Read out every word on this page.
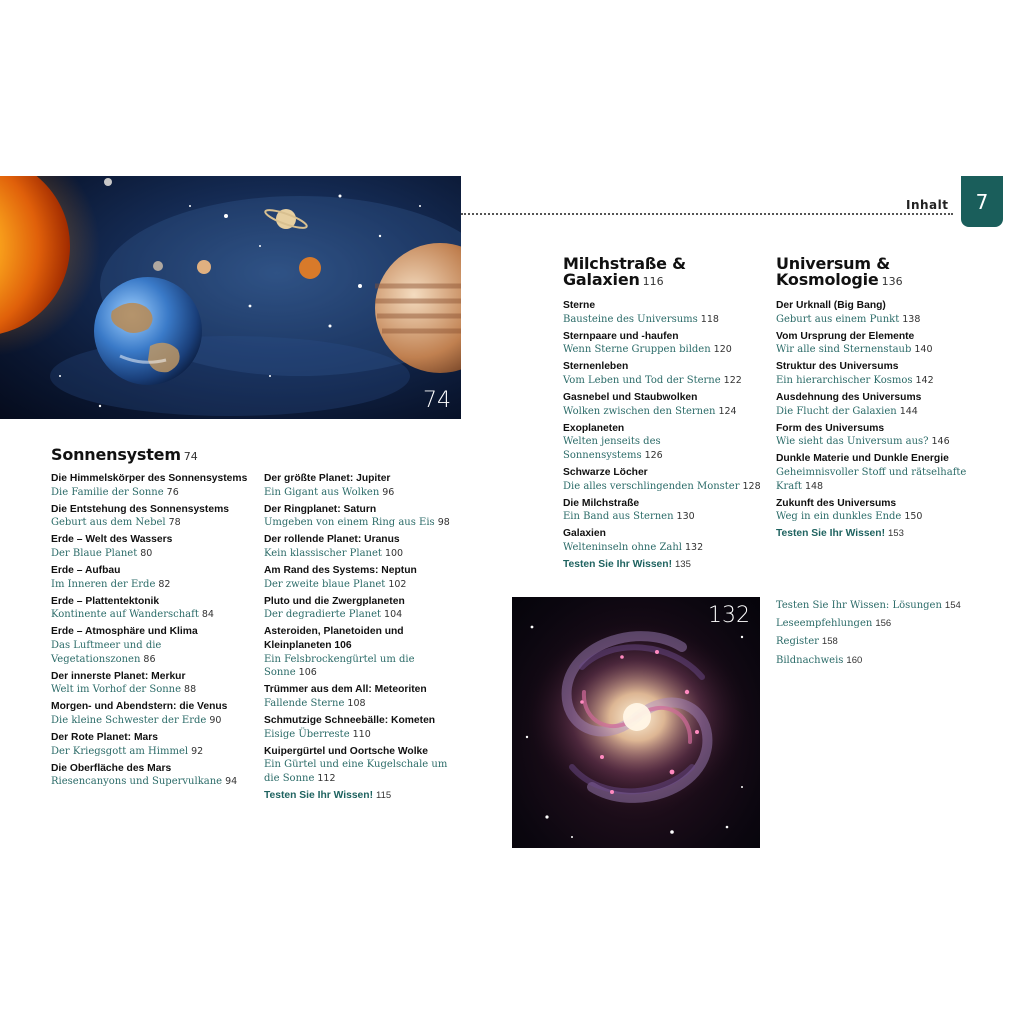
74
Inhalt 7
Sonnensystem 74
Die Himmelskörper des Sonnensystems
Die Familie der Sonne 76
Die Entstehung des Sonnensystems
Geburt aus dem Nebel 78
Erde – Welt des Wassers
Der Blaue Planet 80
Erde – Aufbau
Im Inneren der Erde 82
Erde – Plattentektonik
Kontinente auf Wanderschaft 84
Erde – Atmosphäre und Klima
Das Luftmeer und die Vegetationszonen 86
Der innerste Planet: Merkur
Welt im Vorhof der Sonne 88
Morgen- und Abendstern: die Venus
Die kleine Schwester der Erde 90
Der Rote Planet: Mars
Der Kriegsgott am Himmel 92
Die Oberfläche des Mars
Riesencanyons und Supervulkane 94
Der größte Planet: Jupiter
Ein Gigant aus Wolken 96
Der Ringplanet: Saturn
Umgeben von einem Ring aus Eis 98
Der rollende Planet: Uranus
Kein klassischer Planet 100
Am Rand des Systems: Neptun
Der zweite blaue Planet 102
Pluto und die Zwergplaneten
Der degradierte Planet 104
Asteroiden, Planetoiden und Kleinplaneten 106
Ein Felsbrockengürtel um die Sonne 106
Trümmer aus dem All: Meteoriten
Fallende Sterne 108
Schmutzige Schneebälle: Kometen
Eisige Überreste 110
Kuipergürtel und Oortsche Wolke
Ein Gürtel und eine Kugelschale um die Sonne 112
Testen Sie Ihr Wissen! 115
Milchstraße &
Galaxien 116
Sterne
Bausteine des Universums 118
Sternpaare und -haufen
Wenn Sterne Gruppen bilden 120
Sternenleben
Vom Leben und Tod der Sterne 122
Gasnebel und Staubwolken
Wolken zwischen den Sternen 124
Exoplaneten
Welten jenseits des Sonnensystems 126
Schwarze Löcher
Die alles verschlingenden Monster 128
Die Milchstraße
Ein Band aus Sternen 130
Galaxien
Welteninseln ohne Zahl 132
Testen Sie Ihr Wissen! 135
132
Universum &
Kosmologie 136
Der Urknall (Big Bang)
Geburt aus einem Punkt 138
Vom Ursprung der Elemente
Wir alle sind Sternenstaub 140
Struktur des Universums
Ein hierarchischer Kosmos 142
Ausdehnung des Universums
Die Flucht der Galaxien 144
Form des Universums
Wie sieht das Universum aus? 146
Dunkle Materie und Dunkle Energie
Geheimnisvoller Stoff und rätselhafte Kraft 148
Zukunft des Universums
Weg in ein dunkles Ende 150
Testen Sie Ihr Wissen! 153
Testen Sie Ihr Wissen: Lösungen 154
Leseempfehlungen 156
Register 158
Bildnachweis 160
